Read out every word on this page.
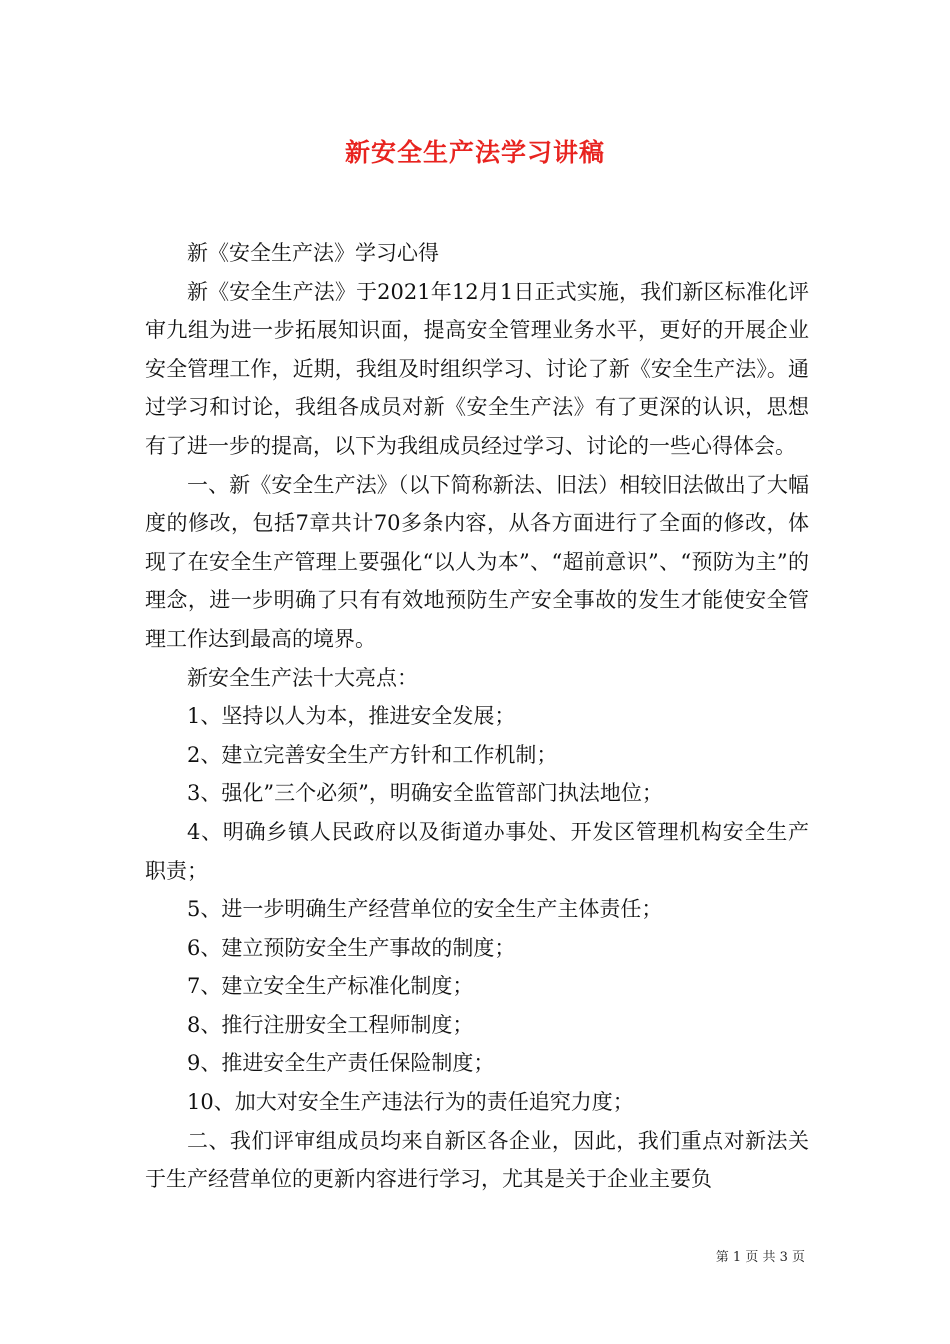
新安全生产法学习讲稿

新《安全生产法》学习心得

新《安全生产法》于2021年12月1日正式实施，我们新区标准化评审九组为进一步拓展知识面，提高安全管理业务水平，更好的开展企业安全管理工作，近期，我组及时组织学习、讨论了新《安全生产法》。通过学习和讨论，我组各成员对新《安全生产法》有了更深的认识，思想有了进一步的提高，以下为我组成员经过学习、讨论的一些心得体会。

一、新《安全生产法》（以下简称新法、旧法）相较旧法做出了大幅度的修改，包括7章共计70多条内容，从各方面进行了全面的修改，体现了在安全生产管理上要强化“以人为本”、“超前意识”、“预防为主”的理念，进一步明确了只有有效地预防生产安全事故的发生才能使安全管理工作达到最高的境界。

新安全生产法十大亮点：

1、坚持以人为本，推进安全发展；

2、建立完善安全生产方针和工作机制；

3、强化”三个必须”，明确安全监管部门执法地位；

4、明确乡镇人民政府以及街道办事处、开发区管理机构安全生产职责；

5、进一步明确生产经营单位的安全生产主体责任；

6、建立预防安全生产事故的制度；

7、建立安全生产标准化制度；

8、推行注册安全工程师制度；

9、推进安全生产责任保险制度；

10、加大对安全生产违法行为的责任追究力度；

二、我们评审组成员均来自新区各企业，因此，我们重点对新法关于生产经营单位的更新内容进行学习，尤其是关于企业主要负

第 1 页 共 3 页
